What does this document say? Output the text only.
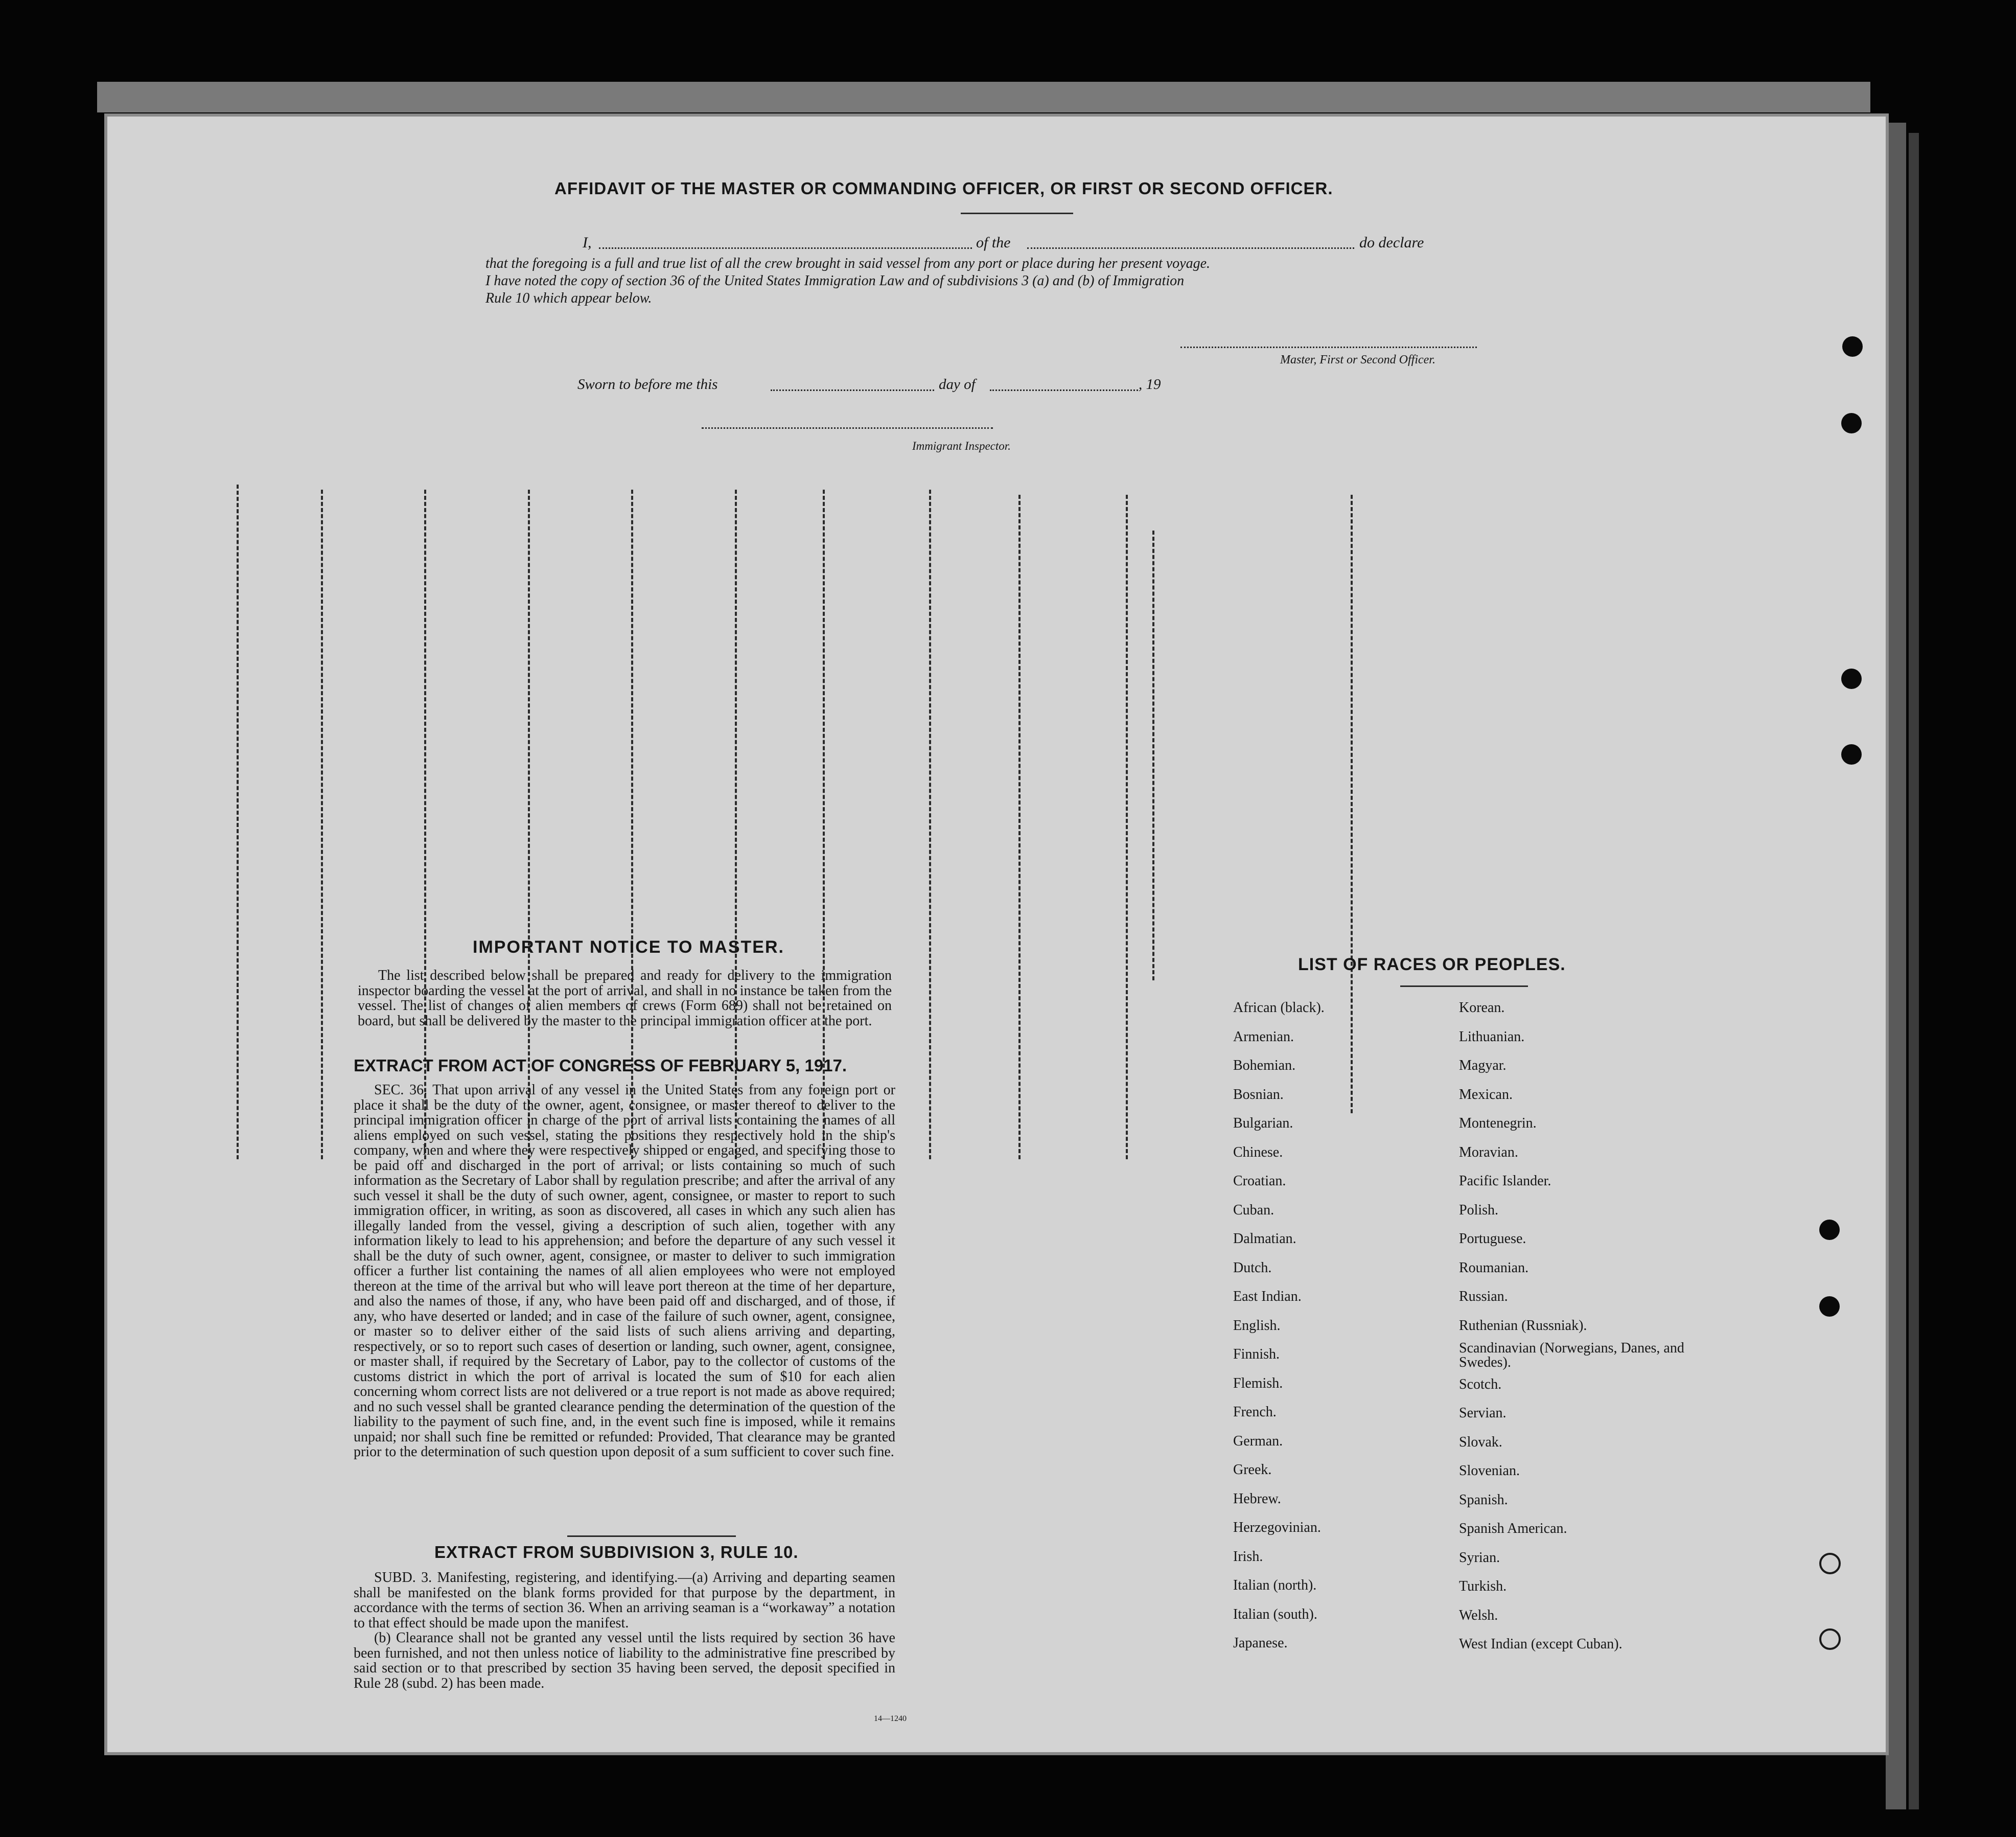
AFFIDAVIT OF THE MASTER OR COMMANDING OFFICER, OR FIRST OR SECOND OFFICER.
I,	of the	do declare
that the foregoing is a full and true list of all the crew brought in said vessel from any port or place during her present voyage.
I have noted the copy of section 36 of the United States Immigration Law and of subdivisions 3 (a) and (b) of Immigration
Rule 10 which appear below.
Master, First or Second Officer.
Sworn to before me this	day of	, 19
Immigrant Inspector.
IMPORTANT NOTICE TO MASTER.
The list described below shall be prepared and ready for delivery to the immigration inspector boarding the vessel at the port of arrival, and shall in no instance be taken from the vessel. The list of changes of alien members of crews (Form 689) shall not be retained on board, but shall be delivered by the master to the principal immigration officer at the port.
EXTRACT FROM ACT OF CONGRESS OF FEBRUARY 5, 1917.
SEC. 36. That upon arrival of any vessel in the United States from any foreign port or place it shall be the duty of the owner, agent, consignee, or master thereof to deliver to the principal immigration officer in charge of the port of arrival lists containing the names of all aliens employed on such vessel, stating the positions they respectively hold in the ship's company, when and where they were respectively shipped or engaged, and specifying those to be paid off and discharged in the port of arrival; or lists containing so much of such information as the Secretary of Labor shall by regulation prescribe; and after the arrival of any such vessel it shall be the duty of such owner, agent, consignee, or master to report to such immigration officer, in writing, as soon as discovered, all cases in which any such alien has illegally landed from the vessel, giving a description of such alien, together with any information likely to lead to his apprehension; and before the departure of any such vessel it shall be the duty of such owner, agent, consignee, or master to deliver to such immigration officer a further list containing the names of all alien employees who were not employed thereon at the time of the arrival but who will leave port thereon at the time of her departure, and also the names of those, if any, who have been paid off and discharged, and of those, if any, who have deserted or landed; and in case of the failure of such owner, agent, consignee, or master so to deliver either of the said lists of such aliens arriving and departing, respectively, or so to report such cases of desertion or landing, such owner, agent, consignee, or master shall, if required by the Secretary of Labor, pay to the collector of customs of the customs district in which the port of arrival is located the sum of $10 for each alien concerning whom correct lists are not delivered or a true report is not made as above required; and no such vessel shall be granted clearance pending the determination of the question of the liability to the payment of such fine, and, in the event such fine is imposed, while it remains unpaid; nor shall such fine be remitted or refunded: Provided, That clearance may be granted prior to the determination of such question upon deposit of a sum sufficient to cover such fine.
EXTRACT FROM SUBDIVISION 3, RULE 10.
SUBD. 3. Manifesting, registering, and identifying.—(a) Arriving and departing seamen shall be manifested on the blank forms provided for that purpose by the department, in accordance with the terms of section 36. When an arriving seaman is a “workaway” a notation to that effect should be made upon the manifest.
(b) Clearance shall not be granted any vessel until the lists required by section 36 have been furnished, and not then unless notice of liability to the administrative fine prescribed by said section or to that prescribed by section 35 having been served, the deposit specified in Rule 28 (subd. 2) has been made.
14—1240
LIST OF RACES OR PEOPLES.
African (black).
Armenian.
Bohemian.
Bosnian.
Bulgarian.
Chinese.
Croatian.
Cuban.
Dalmatian.
Dutch.
East Indian.
English.
Finnish.
Flemish.
French.
German.
Greek.
Hebrew.
Herzegovinian.
Irish.
Italian (north).
Italian (south).
Japanese.
Korean.
Lithuanian.
Magyar.
Mexican.
Montenegrin.
Moravian.
Pacific Islander.
Polish.
Portuguese.
Roumanian.
Russian.
Ruthenian (Russniak).
Scandinavian (Norwegians, Danes, and Swedes).
Scotch.
Servian.
Slovak.
Slovenian.
Spanish.
Spanish American.
Syrian.
Turkish.
Welsh.
West Indian (except Cuban).
